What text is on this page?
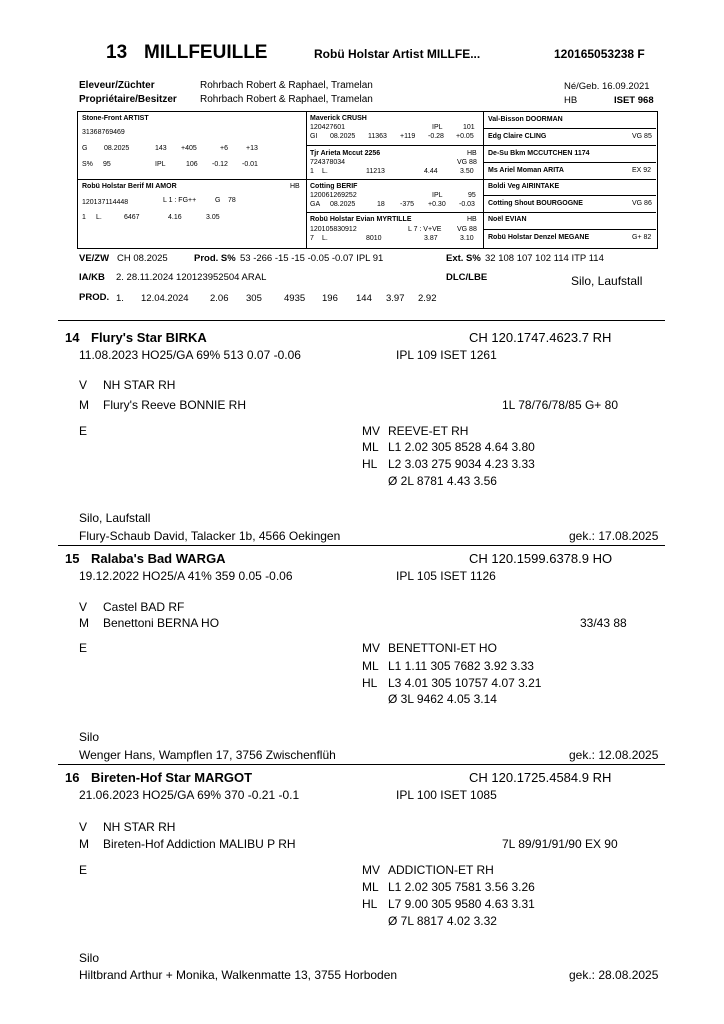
13 MILLFEUILLE	Robü Holstar Artist MILLFE...	120165053238 F
Eleveur/Züchter	Rohrbach Robert & Raphael, Tramelan
Propriétaire/Besitzer Rohrbach Robert & Raphael, Tramelan
Né/Geb. 16.09.2021
HB	ISET 968
Stone-Front ARTIST
31368769469
G 08.2025	143 +405	+6	+13
S% 95	IPL	106 -0.12 -0.01
Maverick CRUSH
120427601	IPL	101
GI 08.2025 11363 +119 -0.28 +0.05
Tjr Arieta Mccut 2256	HB
724378034	VG 88
1 L.	11213	4.44	3.50
Robü Holstar Berif MI AMOR	HB
120137114448	L 1 : FG++	G 78
1 L.	6467	4.16	3.05
Cotting BERIF
120061269252	IPL	95
GA 08.2025	18 -375 +0.30 -0.03
Robü Holstar Evian MYRTILLE	HB
120105830912	L 7 : V+VE VG 88
7 L.	8010	3.87	3.10
Val-Bisson DOORMAN
Edg Claire CLING	VG 85
De-Su Bkm MCCUTCHEN 1174
Ms Ariel Moman ARITA	EX 92
Boldi Veg AIRINTAKE
Cotting Shout BOURGOGNE	VG 86
Noël EVIAN
Robü Holstar Denzel MEGANE	G+ 82
VE/ZW CH 08.2025	Prod. S% 53 -266 -15 -15 -0.05 -0.07 IPL 91	Ext. S% 32 108 107 102 114 ITP 114
IA/KB 2. 28.11.2024 120123952504 ARAL	DLC/LBE	Silo, Laufstall
PROD. 1. 12.04.2024 2.06 305 4935 196 144 3.97 2.92
14 Flury's Star BIRKA	CH 120.1747.4623.7 RH
11.08.2023 HO25/GA 69% 513 0.07 -0.06	IPL 109 ISET 1261
V NH STAR RH
M Flury's Reeve BONNIE RH	1L 78/76/78/85 G+ 80
E	MV REEVE-ET RH
ML L1 2.02 305 8528 4.64 3.80
HL L2 3.03 275 9034 4.23 3.33
Ø 2L 8781 4.43 3.56
Silo, Laufstall
Flury-Schaub David, Talacker 1b, 4566 Oekingen	gek.: 17.08.2025
15 Ralaba's Bad WARGA	CH 120.1599.6378.9 HO
19.12.2022 HO25/A 41% 359 0.05 -0.06	IPL 105 ISET 1126
V Castel BAD RF
M Benettoni BERNA HO	33/43 88
E	MV BENETTONI-ET HO
ML L1 1.11 305 7682 3.92 3.33
HL L3 4.01 305 10757 4.07 3.21
Ø 3L 9462 4.05 3.14
Silo
Wenger Hans, Wampflen 17, 3756 Zwischenflüh	gek.: 12.08.2025
16 Bireten-Hof Star MARGOT	CH 120.1725.4584.9 RH
21.06.2023 HO25/GA 69% 370 -0.21 -0.1	IPL 100 ISET 1085
V NH STAR RH
M Bireten-Hof Addiction MALIBU P RH	7L 89/91/91/90 EX 90
E	MV ADDICTION-ET RH
ML L1 2.02 305 7581 3.56 3.26
HL L7 9.00 305 9580 4.63 3.31
Ø 7L 8817 4.02 3.32
Silo
Hiltbrand Arthur + Monika, Walkenmatte 13, 3755 Horboden	gek.: 28.08.2025
